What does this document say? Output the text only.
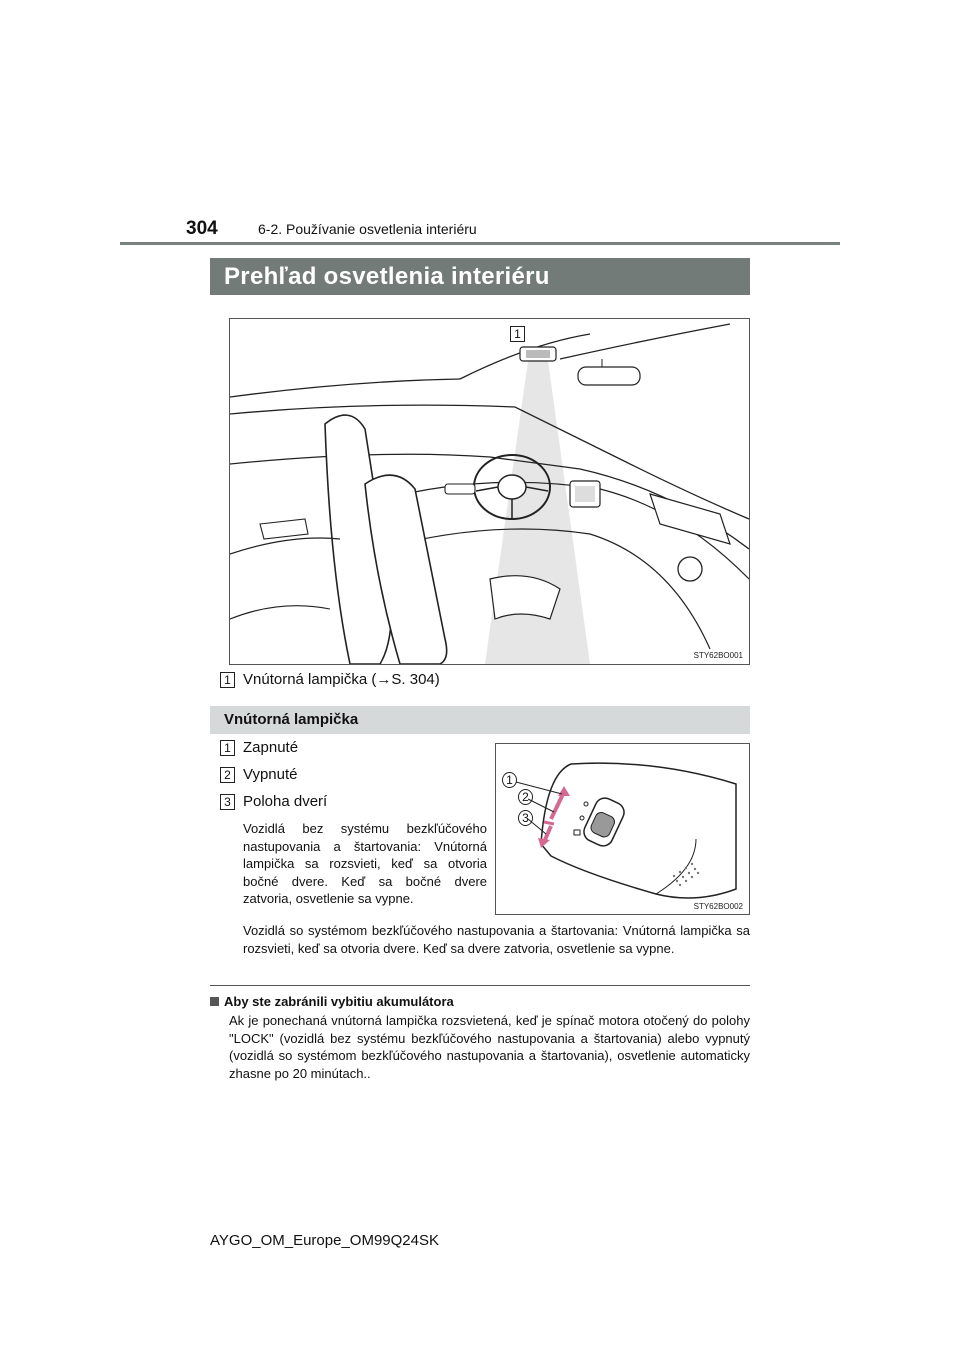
304	6-2. Používanie osvetlenia interiéru
Prehľad osvetlenia interiéru
1
STY62BO001
1 Vnútorná lampička (→S. 304)
Vnútorná lampička
1 Zapnuté
2 Vypnuté
3 Poloha dverí
Vozidlá bez systému bezkľúčového nastupovania a štartovania: Vnútorná lampička sa rozsvieti, keď sa otvoria bočné dvere. Keď sa bočné dvere zatvoria, osvetlenie sa vypne.
1
2
3
STY62BO002
Vozidlá so systémom bezkľúčového nastupovania a štartovania: Vnútorná lampička sa rozsvieti, keď sa otvoria dvere. Keď sa dvere zatvoria, osvetlenie sa vypne.
Aby ste zabránili vybitiu akumulátora
Ak je ponechaná vnútorná lampička rozsvietená, keď je spínač motora otočený do polohy "LOCK" (vozidlá bez systému bezkľúčového nastupovania a štartovania) alebo vypnutý (vozidlá so systémom bezkľúčového nastupovania a štartovania), osvetlenie automaticky zhasne po 20 minútach..
AYGO_OM_Europe_OM99Q24SK
